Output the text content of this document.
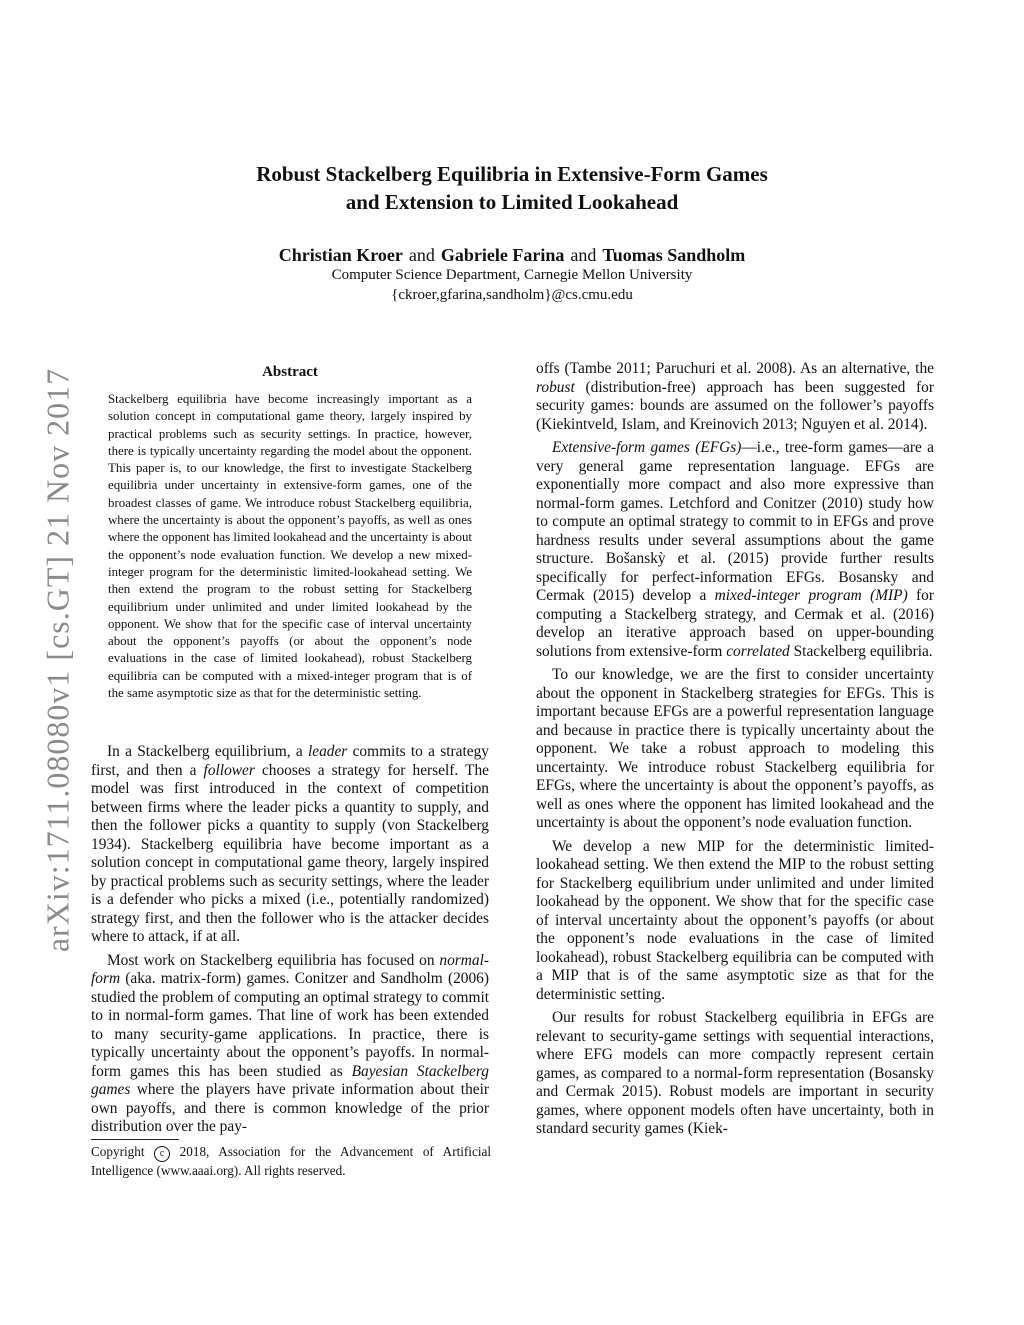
Robust Stackelberg Equilibria in Extensive-Form Games
and Extension to Limited Lookahead
Christian Kroer and Gabriele Farina and Tuomas Sandholm
Computer Science Department, Carnegie Mellon University
{ckroer,gfarina,sandholm}@cs.cmu.edu
arXiv:1711.08080v1 [cs.GT] 21 Nov 2017	Abstract
Stackelberg equilibria have become increasingly important as a solution concept in computational game theory, largely inspired by practical problems such as security settings. In practice, however, there is typically uncertainty regarding the model about the opponent. This paper is, to our knowledge, the first to investigate Stackelberg equilibria under uncertainty in extensive-form games, one of the broadest classes of game. We introduce robust Stackelberg equilibria, where the uncertainty is about the opponent’s payoffs, as well as ones where the opponent has limited lookahead and the uncertainty is about the opponent’s node evaluation function. We develop a new mixed-integer program for the deterministic limited-lookahead setting. We then extend the program to the robust setting for Stackelberg equilibrium under unlimited and under limited lookahead by the opponent. We show that for the specific case of interval uncertainty about the opponent’s payoffs (or about the opponent’s node evaluations in the case of limited lookahead), robust Stackelberg equilibria can be computed with a mixed-integer program that is of the same asymptotic size as that for the deterministic setting.

In a Stackelberg equilibrium, a leader commits to a strategy first, and then a follower chooses a strategy for herself. The model was first introduced in the context of competition between firms where the leader picks a quantity to supply, and then the follower picks a quantity to supply (von Stackelberg 1934). Stackelberg equilibria have become important as a solution concept in computational game theory, largely inspired by practical problems such as security settings, where the leader is a defender who picks a mixed (i.e., potentially randomized) strategy first, and then the follower who is the attacker decides where to attack, if at all.

Most work on Stackelberg equilibria has focused on normal-form (aka. matrix-form) games. Conitzer and Sandholm (2006) studied the problem of computing an optimal strategy to commit to in normal-form games. That line of work has been extended to many security-game applications. In practice, there is typically uncertainty about the opponent’s payoffs. In normal-form games this has been studied as Bayesian Stackelberg games where the players have private information about their own payoffs, and there is common knowledge of the prior distribution over the pay-

Copyright c 2018, Association for the Advancement of Artificial Intelligence (www.aaai.org). All rights reserved.

offs (Tambe 2011; Paruchuri et al. 2008). As an alternative, the robust (distribution-free) approach has been suggested for security games: bounds are assumed on the follower’s payoffs (Kiekintveld, Islam, and Kreinovich 2013; Nguyen et al. 2014).

Extensive-form games (EFGs)—i.e., tree-form games—are a very general game representation language. EFGs are exponentially more compact and also more expressive than normal-form games. Letchford and Conitzer (2010) study how to compute an optimal strategy to commit to in EFGs and prove hardness results under several assumptions about the game structure. Bošanskỳ et al. (2015) provide further results specifically for perfect-information EFGs. Bosansky and Cermak (2015) develop a mixed-integer program (MIP) for computing a Stackelberg strategy, and Cermak et al. (2016) develop an iterative approach based on upper-bounding solutions from extensive-form correlated Stackelberg equilibria.

To our knowledge, we are the first to consider uncertainty about the opponent in Stackelberg strategies for EFGs. This is important because EFGs are a powerful representation language and because in practice there is typically uncertainty about the opponent. We take a robust approach to modeling this uncertainty. We introduce robust Stackelberg equilibria for EFGs, where the uncertainty is about the opponent’s payoffs, as well as ones where the opponent has limited lookahead and the uncertainty is about the opponent’s node evaluation function.

We develop a new MIP for the deterministic limited-lookahead setting. We then extend the MIP to the robust setting for Stackelberg equilibrium under unlimited and under limited lookahead by the opponent. We show that for the specific case of interval uncertainty about the opponent’s payoffs (or about the opponent’s node evaluations in the case of limited lookahead), robust Stackelberg equilibria can be computed with a MIP that is of the same asymptotic size as that for the deterministic setting.

Our results for robust Stackelberg equilibria in EFGs are relevant to security-game settings with sequential interactions, where EFG models can more compactly represent certain games, as compared to a normal-form representation (Bosansky and Cermak 2015). Robust models are important in security games, where opponent models often have uncertainty, both in standard security games (Kiek-
